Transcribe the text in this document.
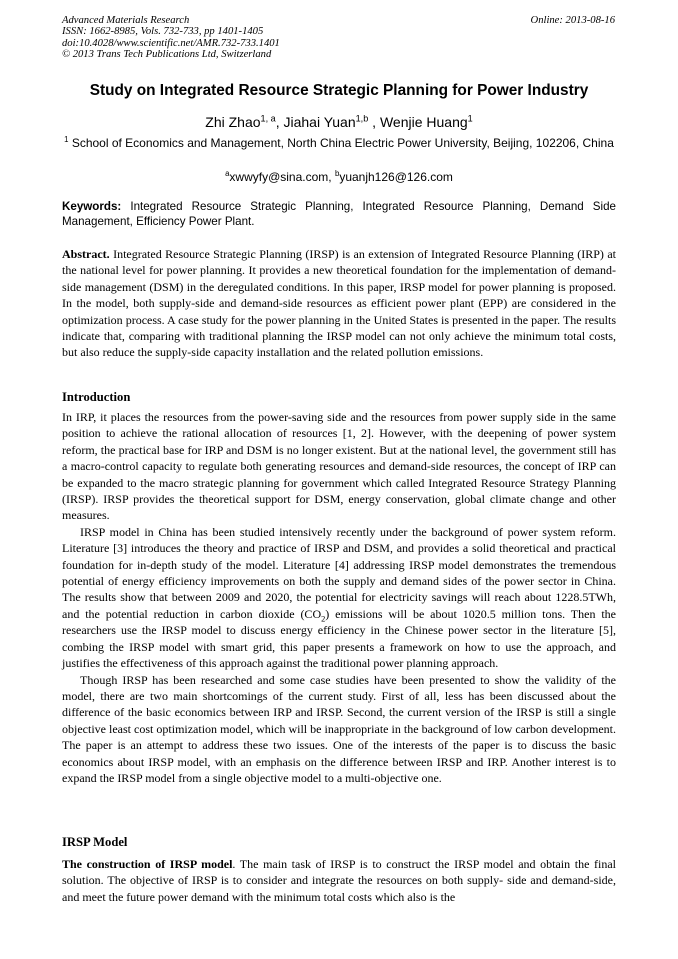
Advanced Materials Research
ISSN: 1662-8985, Vols. 732-733, pp 1401-1405
doi:10.4028/www.scientific.net/AMR.732-733.1401
© 2013 Trans Tech Publications Ltd, Switzerland
Online: 2013-08-16
Study on Integrated Resource Strategic Planning for Power Industry
Zhi Zhao$^{1, a}$, Jiahai Yuan$^{1,b}$ , Wenjie Huang$^1$
$^1$ School of Economics and Management, North China Electric Power University, Beijing, 102206, China
$^a$xwwyfy@sina.com, $^b$yuanjh126@126.com
Keywords: Integrated Resource Strategic Planning, Integrated Resource Planning, Demand Side Management, Efficiency Power Plant.

Abstract. Integrated Resource Strategic Planning (IRSP) is an extension of Integrated Resource Planning (IRP) at the national level for power planning. It provides a new theoretical foundation for the implementation of demand-side management (DSM) in the deregulated conditions. In this paper, IRSP model for power planning is proposed. In the model, both supply-side and demand-side resources as efficient power plant (EPP) are considered in the optimization process. A case study for the power planning in the United States is presented in the paper. The results indicate that, comparing with traditional planning the IRSP model can not only achieve the minimum total costs, but also reduce the supply-side capacity installation and the related pollution emissions.

Introduction

In IRP, it places the resources from the power-saving side and the resources from power supply side in the same position to achieve the rational allocation of resources [1, 2]. However, with the deepening of power system reform, the practical base for IRP and DSM is no longer existent. But at the national level, the government still has a macro-control capacity to regulate both generating resources and demand-side resources, the concept of IRP can be expanded to the macro strategic planning for government which called Integrated Resource Strategy Planning (IRSP). IRSP provides the theoretical support for DSM, energy conservation, global climate change and other measures.

IRSP model in China has been studied intensively recently under the background of power system reform. Literature [3] introduces the theory and practice of IRSP and DSM, and provides a solid theoretical and practical foundation for in-depth study of the model. Literature [4] addressing IRSP model demonstrates the tremendous potential of energy efficiency improvements on both the supply and demand sides of the power sector in China. The results show that between 2009 and 2020, the potential for electricity savings will reach about 1228.5TWh, and the potential reduction in carbon dioxide $(CO_2)$ emissions will be about 1020.5 million tons. Then the researchers use the IRSP model to discuss energy efficiency in the Chinese power sector in the literature [5], combing the IRSP model with smart grid, this paper presents a framework on how to use the approach, and justifies the effectiveness of this approach against the traditional power planning approach.

Though IRSP has been researched and some case studies have been presented to show the validity of the model, there are two main shortcomings of the current study. First of all, less has been discussed about the difference of the basic economics between IRP and IRSP. Second, the current version of the IRSP is still a single objective least cost optimization model, which will be inappropriate in the background of low carbon development. The paper is an attempt to address these two issues. One of the interests of the paper is to discuss the basic economics about IRSP model, with an emphasis on the difference between IRSP and IRP. Another interest is to expand the IRSP model from a single objective model to a multi-objective one.

IRSP Model

The construction of IRSP model. The main task of IRSP is to construct the IRSP model and obtain the final solution. The objective of IRSP is to consider and integrate the resources on both supply- side and demand-side, and meet the future power demand with the minimum total costs which also is the
